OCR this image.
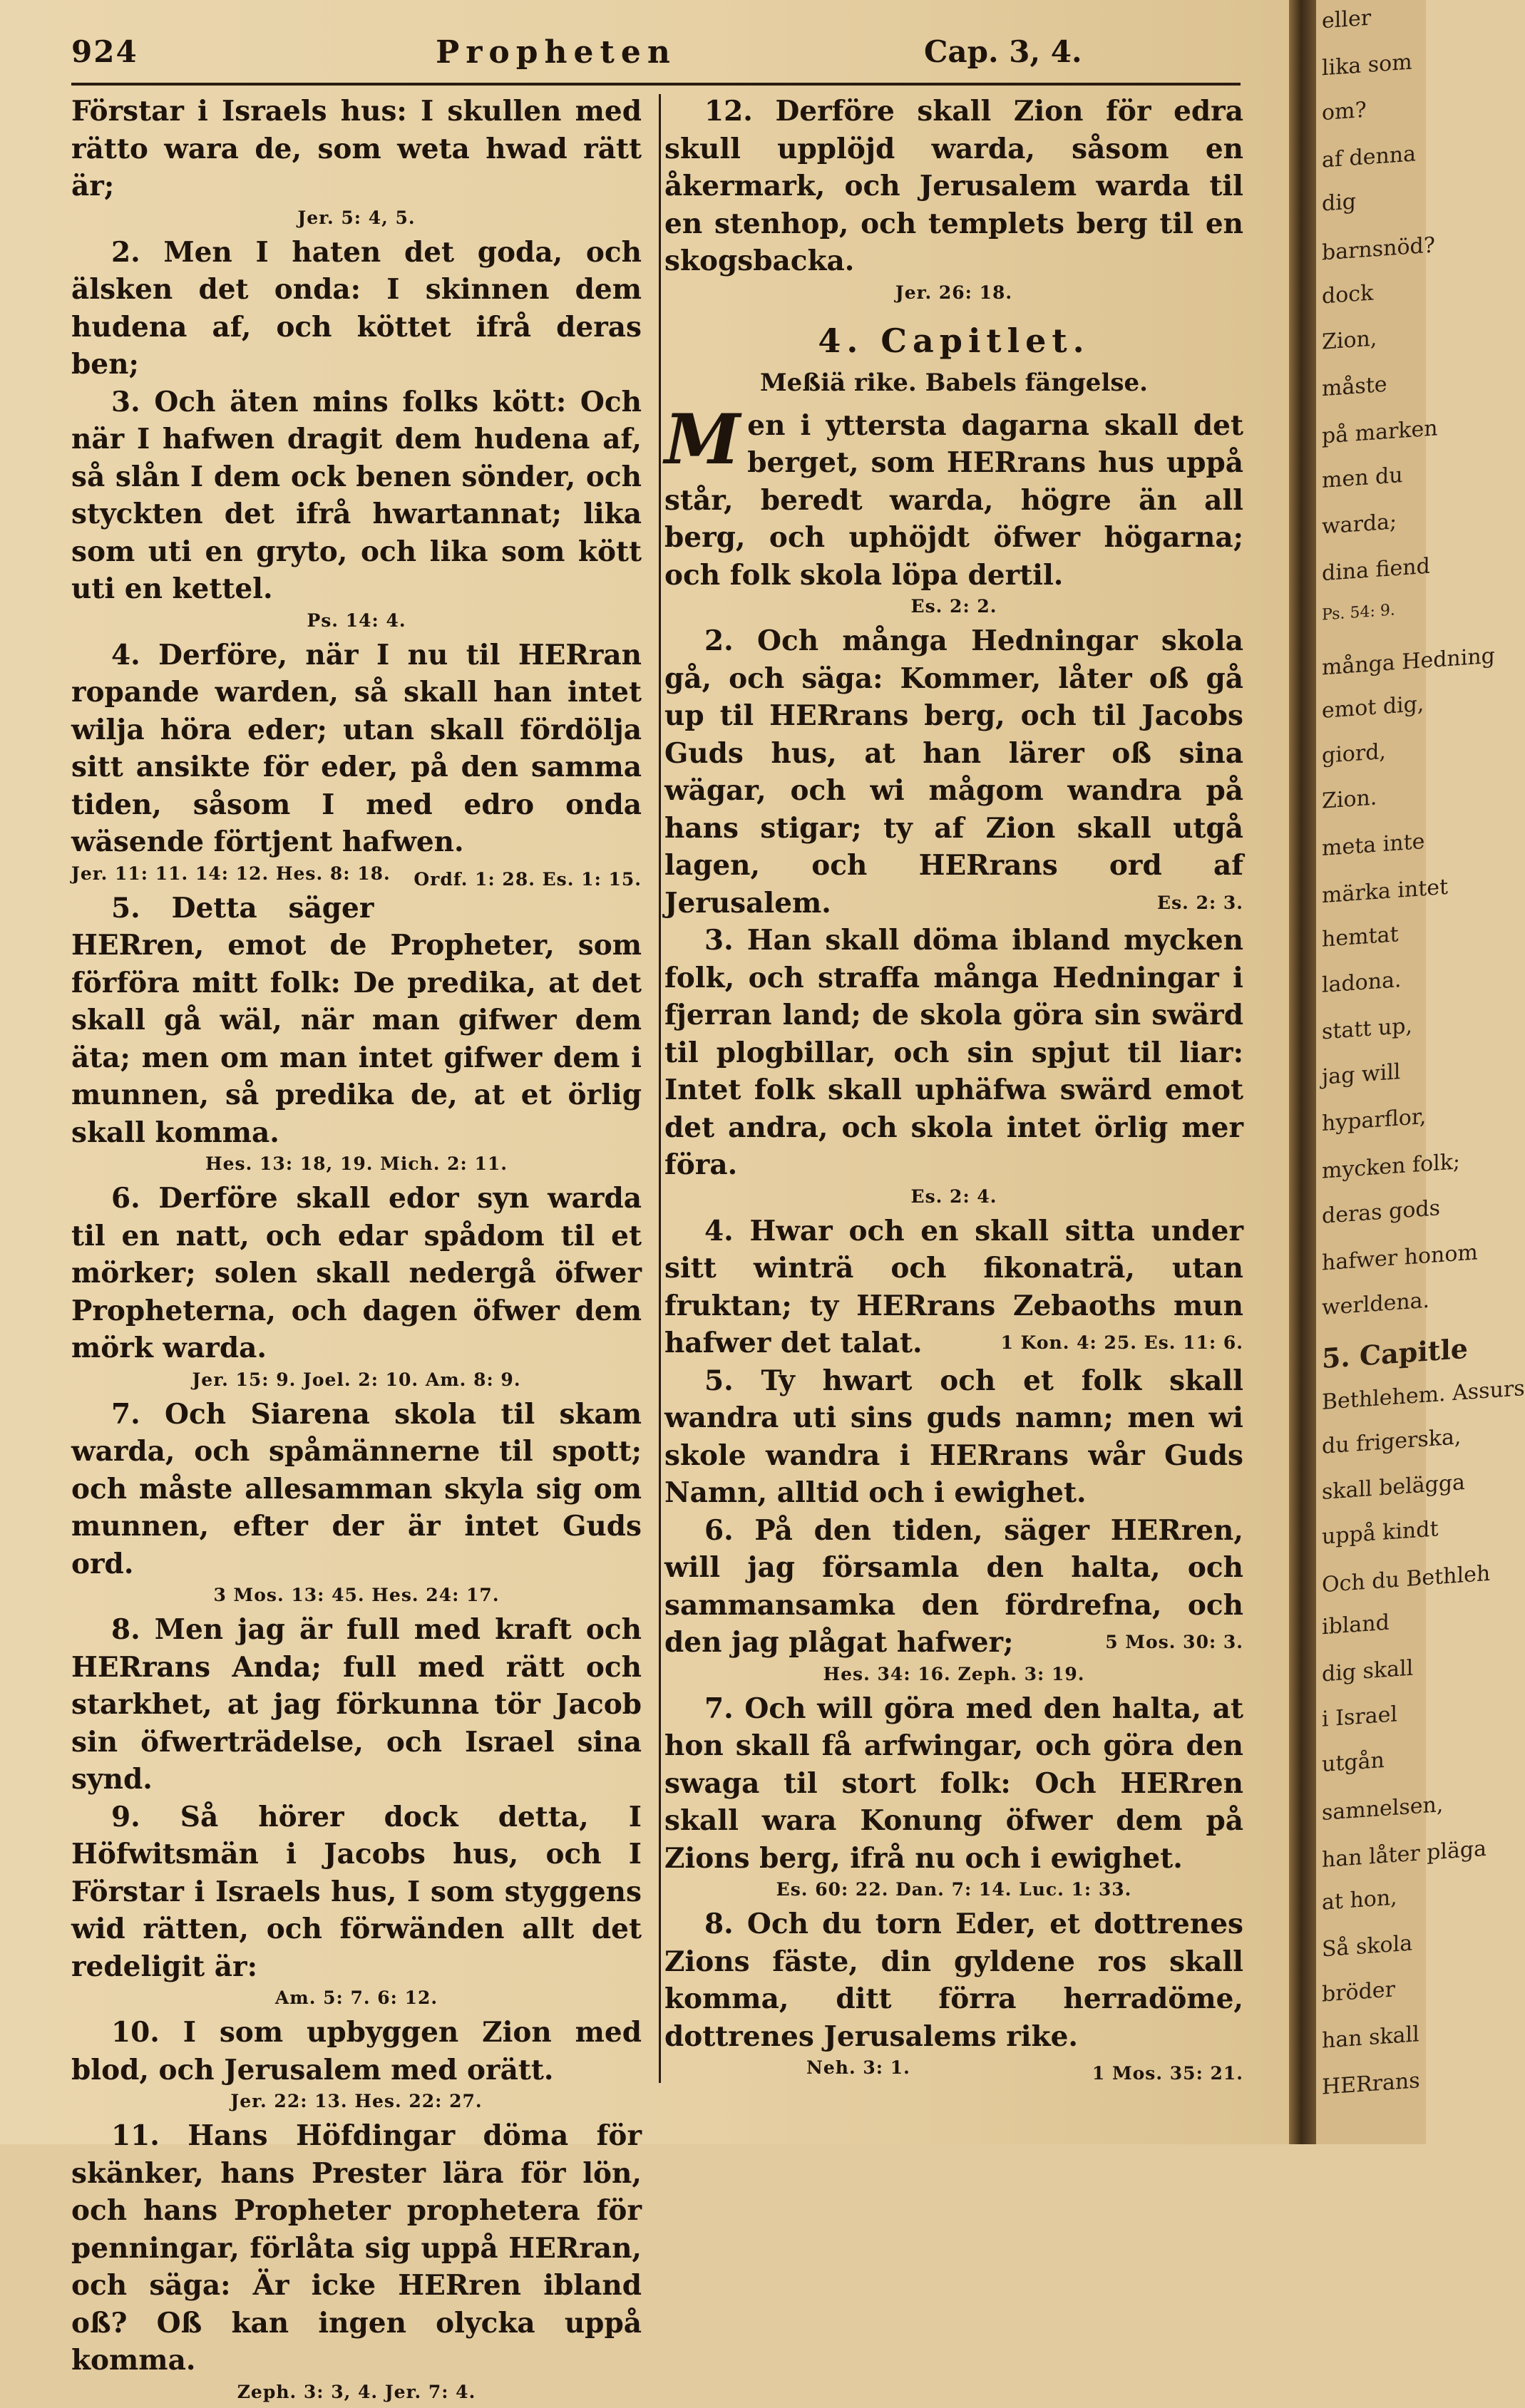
924	Propheten	Cap. 3, 4.

Förstar i Israels hus: I skullen med rätto wara de, som weta hwad rätt är;

Jer. 5: 4, 5.

2. Men I haten det goda, och älsken det onda: I skinnen dem hudena af, och köttet ifrå deras ben;

3. Och äten mins folks kött: Och när I hafwen dragit dem hudena af, så slån I dem ock benen sönder, och styckten det ifrå hwartannat; lika som uti en gryto, och lika som kött uti en kettel.

Ps. 14: 4.

4. Derföre, när I nu til HERran ropande warden, så skall han intet wilja höra eder; utan skall fördölja sitt ansikte för eder, på den samma tiden, såsom I med edro onda wäsende förtjent hafwen.
Ordf. 1: 28. Es. 1: 15.

Jer. 11: 11. 14: 12. Hes. 8: 18.

5. Detta säger HERren, emot de Propheter, som förföra mitt folk: De predika, at det skall gå wäl, när man gifwer dem äta; men om man intet gifwer dem i munnen, så predika de, at et örlig skall komma.

Hes. 13: 18, 19. Mich. 2: 11.

6. Derföre skall edor syn warda til en natt, och edar spådom til et mörker; solen skall nedergå öfwer Propheterna, och dagen öfwer dem mörk warda.

Jer. 15: 9. Joel. 2: 10. Am. 8: 9.

7. Och Siarena skola til skam warda, och spåmännerne til spott; och måste allesamman skyla sig om munnen, efter der är intet Guds ord.

3 Mos. 13: 45. Hes. 24: 17.

8. Men jag är full med kraft och HERrans Anda; full med rätt och starkhet, at jag förkunna tör Jacob sin öfwerträdelse, och Israel sina synd.

9. Så hörer dock detta, I Höfwitsmän i Jacobs hus, och I Förstar i Israels hus, I som styggens wid rätten, och förwänden allt det redeligit är:

Am. 5: 7. 6: 12.

10. I som upbyggen Zion med blod, och Jerusalem med orätt.

Jer. 22: 13. Hes. 22: 27.

11. Hans Höfdingar döma för skänker, hans Prester lära för lön, och hans Propheter prophetera för penningar, förlåta sig uppå HERran, och säga: Är icke HERren ibland oß? Oß kan ingen olycka uppå komma.

Zeph. 3: 3, 4. Jer. 7: 4.

12. Derföre skall Zion för edra skull upplöjd warda, såsom en åkermark, och Jerusalem warda til en stenhop, och templets berg til en skogsbacka.

Jer. 26: 18.
4. Capitlet.
Meßiä rike. Babels fängelse.

Men i yttersta dagarna skall det berget, som HERrans hus uppå står, beredt warda, högre än all berg, och uphöjdt öfwer högarna; och folk skola löpa dertil.

Es. 2: 2.

2. Och många Hedningar skola gå, och säga: Kommer, låter oß gå up til HERrans berg, och til Jacobs Guds hus, at han lärer oß sina wägar, och wi mågom wandra på hans stigar; ty af Zion skall utgå lagen, och HERrans ord af Jerusalem.	Es. 2: 3.

3. Han skall döma ibland mycken folk, och straffa många Hedningar i fjerran land; de skola göra sin swärd til plogbillar, och sin spjut til liar: Intet folk skall uphäfwa swärd emot det andra, och skola intet örlig mer föra.

Es. 2: 4.

4. Hwar och en skall sitta under sitt winträ och fikonaträ, utan fruktan; ty HERrans Zebaoths mun hafwer det talat.	1 Kon. 4: 25. Es. 11: 6.

5. Ty hwart och et folk skall wandra uti sins guds namn; men wi skole wandra i HERrans wår Guds Namn, alltid och i ewighet.

6. På den tiden, säger HERren, will jag församla den halta, och sammansamka den fördrefna, och den jag plågat hafwer;	5 Mos. 30: 3.

Hes. 34: 16. Zeph. 3: 19.

7. Och will göra med den halta, at hon skall få arfwingar, och göra den swaga til stort folk: Och HERren skall wara Konung öfwer dem på Zions berg, ifrå nu och i ewighet.

Es. 60: 22. Dan. 7: 14. Luc. 1: 33.

8. Och du torn Eder, et dottrenes Zions fäste, din gyldene ros skall komma, ditt förra herradöme, dottrenes Jerusalems rike.
1 Mos. 35: 21.

Neh. 3: 1.
eller
lika som
om?
af denna
dig
barnsnöd?
dock
Zion,
måste
på marken
men du
warda;
dina fiend
Ps. 54: 9.
många Hedning
emot dig,
giord,
Zion.
meta inte
märka intet
hemtat
ladona.
statt up,
jag will
hyparflor,
mycken folk;
deras gods
hafwer honom
werldena.
5. Capitle
Bethlehem. Assurs
du frigerska,
skall belägga
uppå kindt
Och du Bethleh
ibland
dig skall
i Israel
utgån
samnelsen,
han låter pläga
at hon,
Så skola
bröder
han skall
HERrans
